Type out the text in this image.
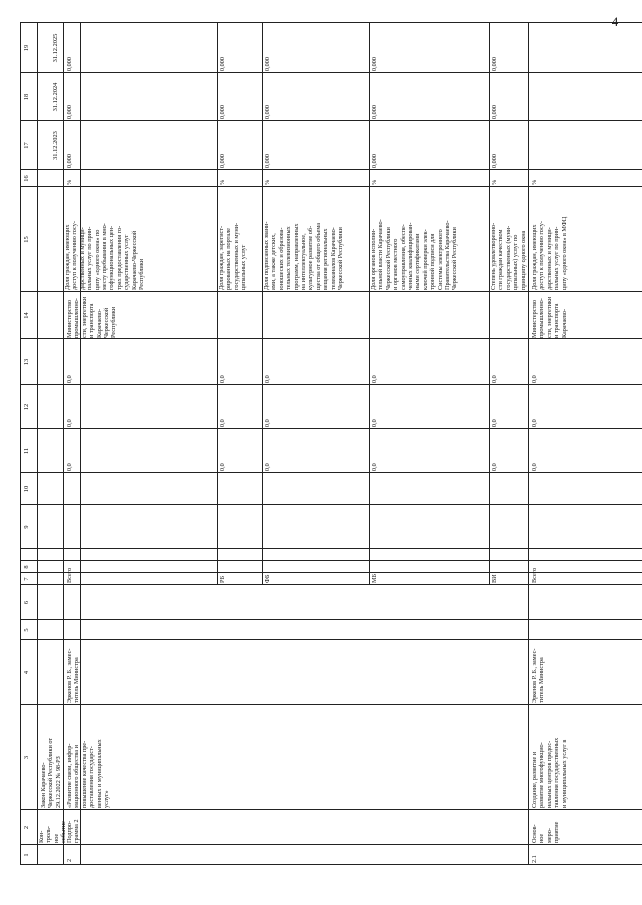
4
1
2
3
4
5
6
7
8
9
10
11
12
13
14
15
16
17
18
19
Кон-
троль-
ное
событие
Закон Карачаево-
Черкесской Республики от
29.12.2022 № 98-РЗ
31.12.2023
31.12.2024
31.12.2025
2
Подпро-
грамма 2
«Развитие связи, инфор-
мационного общества и
повышение качества пре-
доставления государст-
венных и муниципальных
услуг»
Эркенов Р. Б., замес-
титель Министра
Министерство
промышленно-
сти, энергетики
и транспорта
Карачаево-
Черкесской
Республики
Всего
0,0
0,0
0,0
Доля граждан, имеющих
доступ к получению госу-
дарственных и муници-
пальных услуг по прин-
ципу «одного окна» по
месту пребывания в мно-
гофункциональных цен-
трах предоставления го-
сударственных услуг
Карачаево-Черкесской
Республики
%
0,000
0,000
0,000
РБ
0,0
0,0
0,0
Доля граждан, зарегист-
рированных на портале
государственных и муни-
ципальных услуг
%
0,000
0,000
0,000
ФБ
0,0
0,0
0,0
Доля подписанных звани-
ями, а также детских,
юношеских и образова-
тельных телевизионных
программ, направленных
на интеллектуальное,
культурное развитие об-
щества от общего объема
вещания региональных
телеканалов Карачаево-
Черкесской Республики
%
0,000
0,000
0,000
МБ
0,0
0,0
0,0
Доля органов исполни-
тельной власти Карачаево-
Черкесской Республики
и органов местного
самоуправления, обеспе-
ченных квалифицирован-
ными сертификатами
ключей проверки элек-
тронной подписи для
Системы электронного
Правительства Карачаево-
Черкесской Республики
%
0,000
0,000
0,000
ВИ
0,0
0,0
0,0
Степень удовлетворенно-
сти граждан качеством
государственных (муни-
ципальных) услуг по
принципу одного окна
%
0,000
0,000
0,000
2.1
Основ-
ное
меро-
приятие
Создание, развитие и
развитие многофункцио-
нальных центров предос-
тавления государственных
и муниципальных услуг в
Эркенов Р. Б., замес-
титель Министра
Всего
0,0
0,0
0,0
Министерство
промышленно-
сти, энергетики
и транспорта
Карачаево-
Доля граждан, имеющих
доступ к получению госу-
дарственных и муници-
пальных услуг по прин-
ципу «одного окна» в МФЦ
%
